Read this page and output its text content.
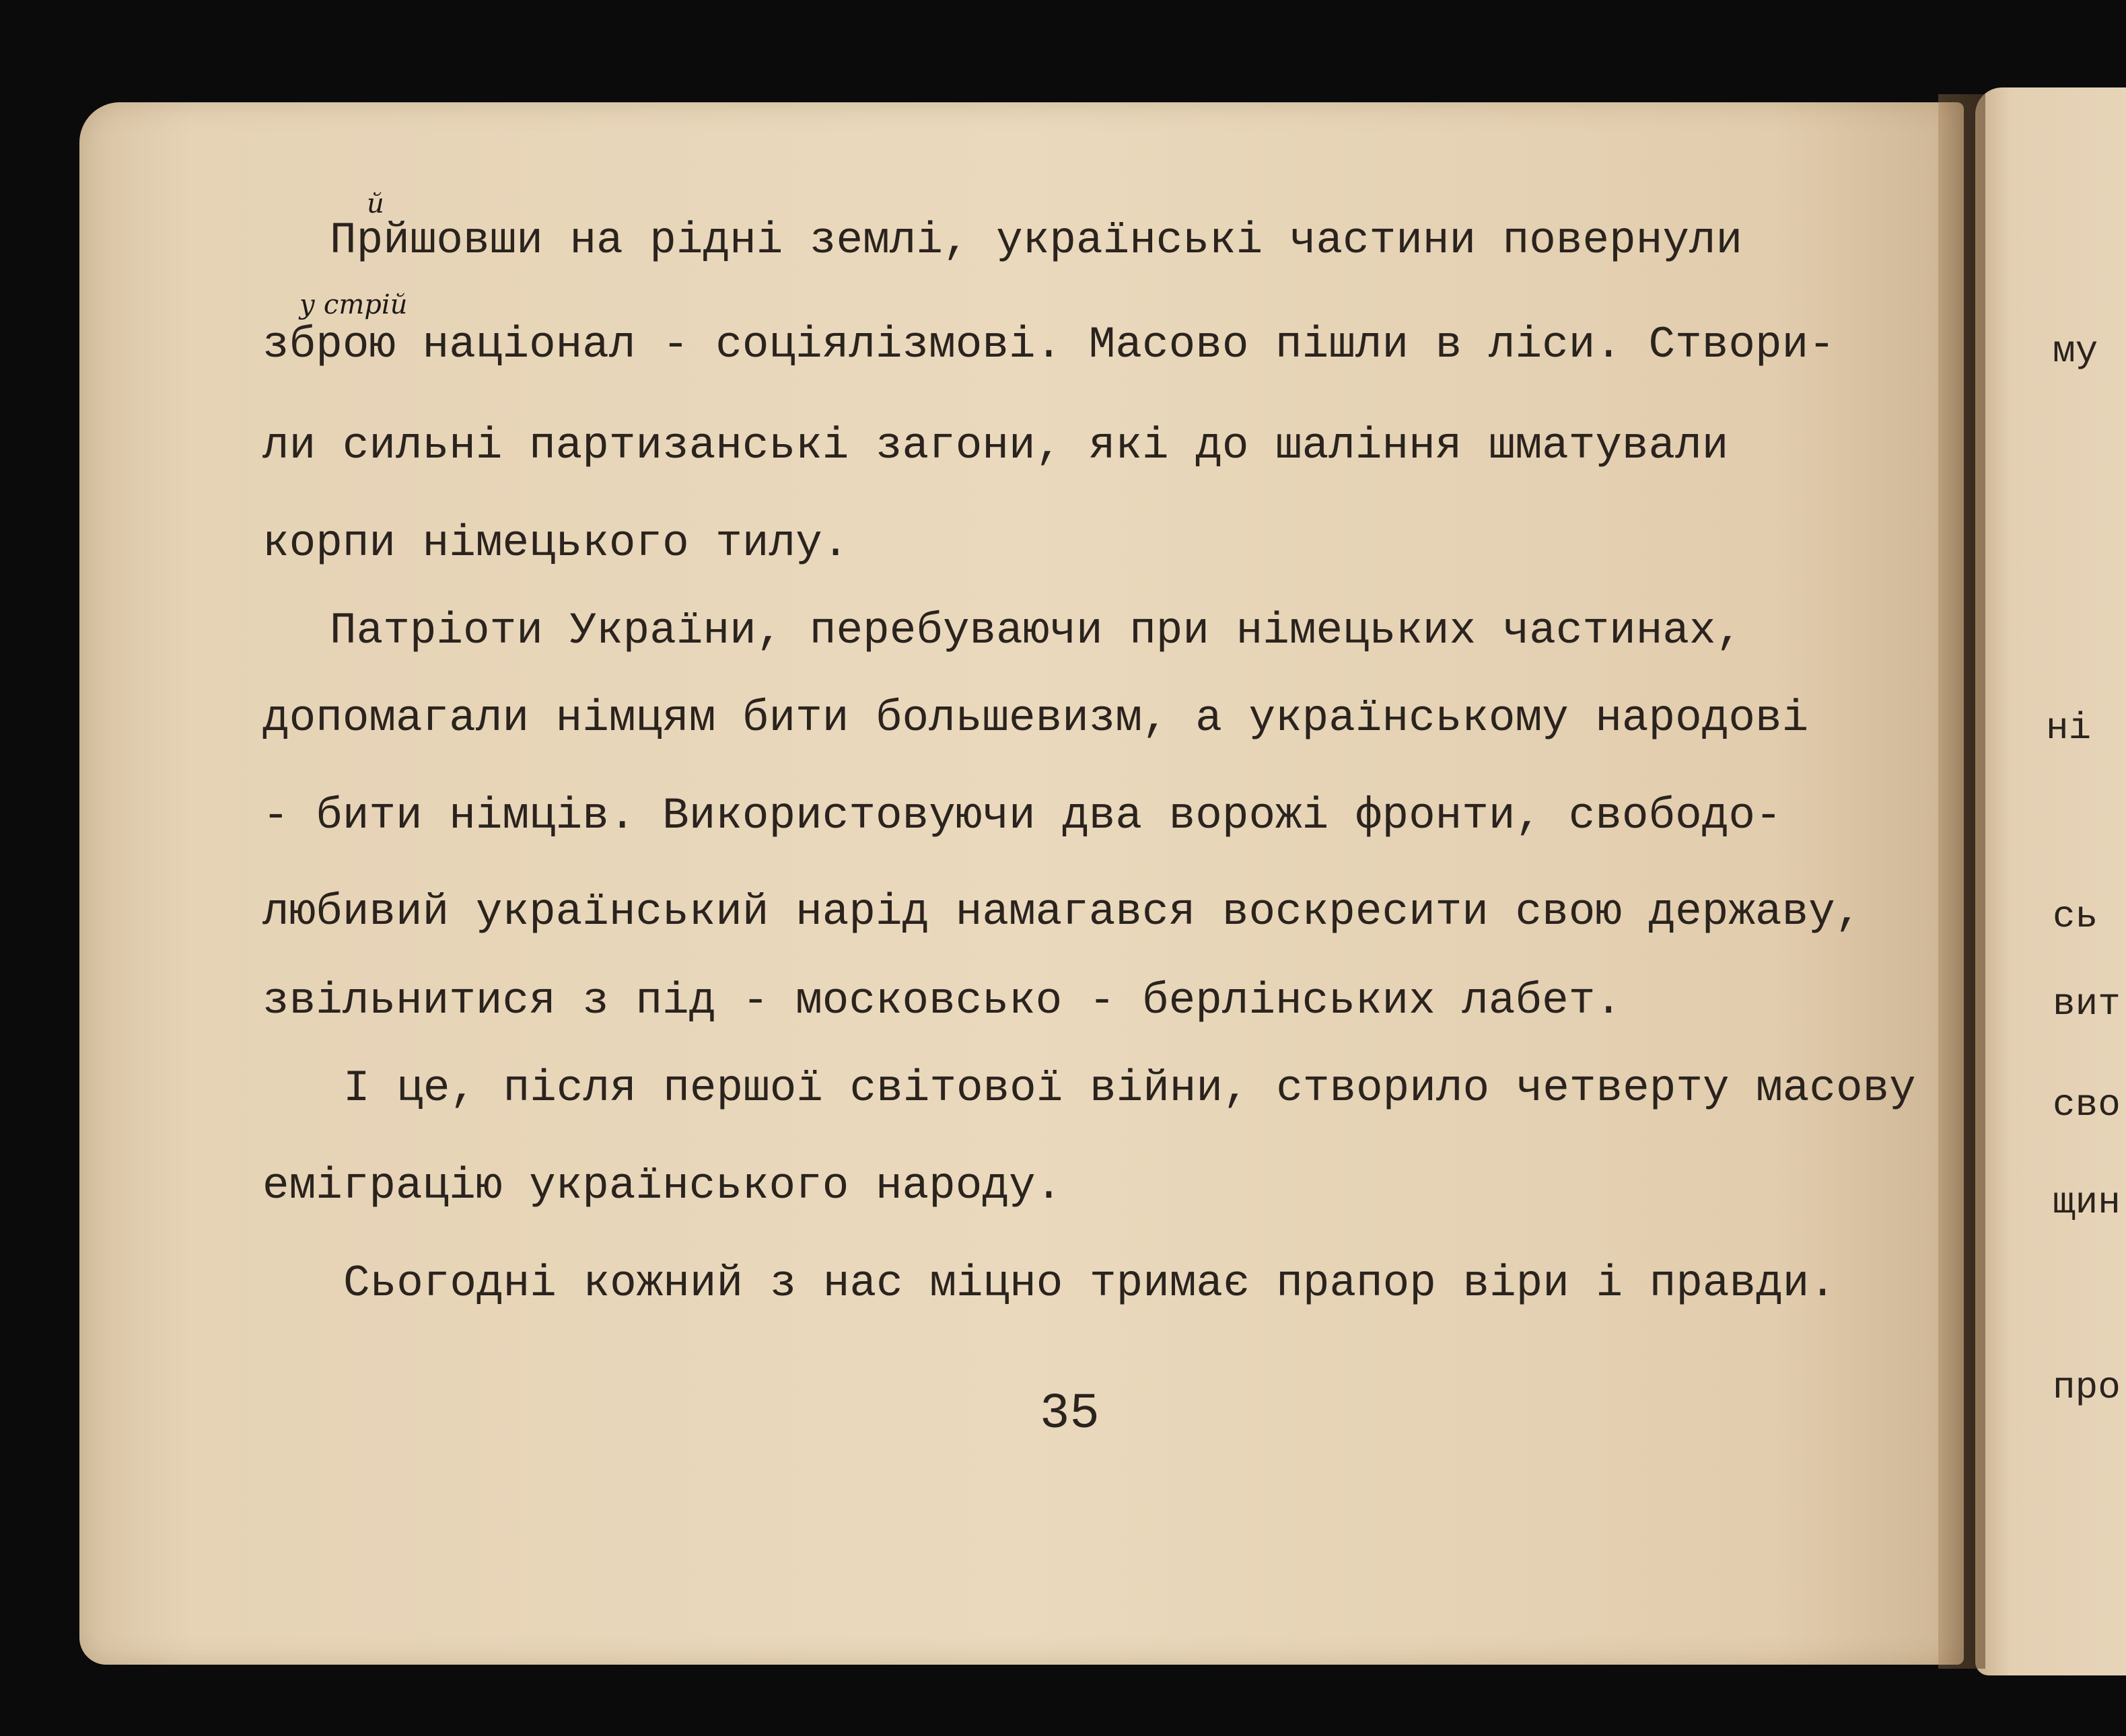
й
у стрій
Прйшовши на рідні землі, українські частини повернули
зброю націонал - соціялізмові. Масово пішли в ліси. Створи-
ли сильні партизанські загони, які до шаління шматували
корпи німецького тилу.
Патріоти України, перебуваючи при німецьких частинах,
допомагали німцям бити большевизм, а українському народові
- бити німців. Використовуючи два ворожі фронти, свободо-
любивий український нарід намагався воскресити свою державу,
звільнитися з під - московсько - берлінських лабет.
І це, після першої світової війни, створило четверту масову
еміграцію українського народу.
Сьогодні кожний з нас міцно тримає прапор віри і правди.
35
му
ні
сь
вит
сво
щин
про
